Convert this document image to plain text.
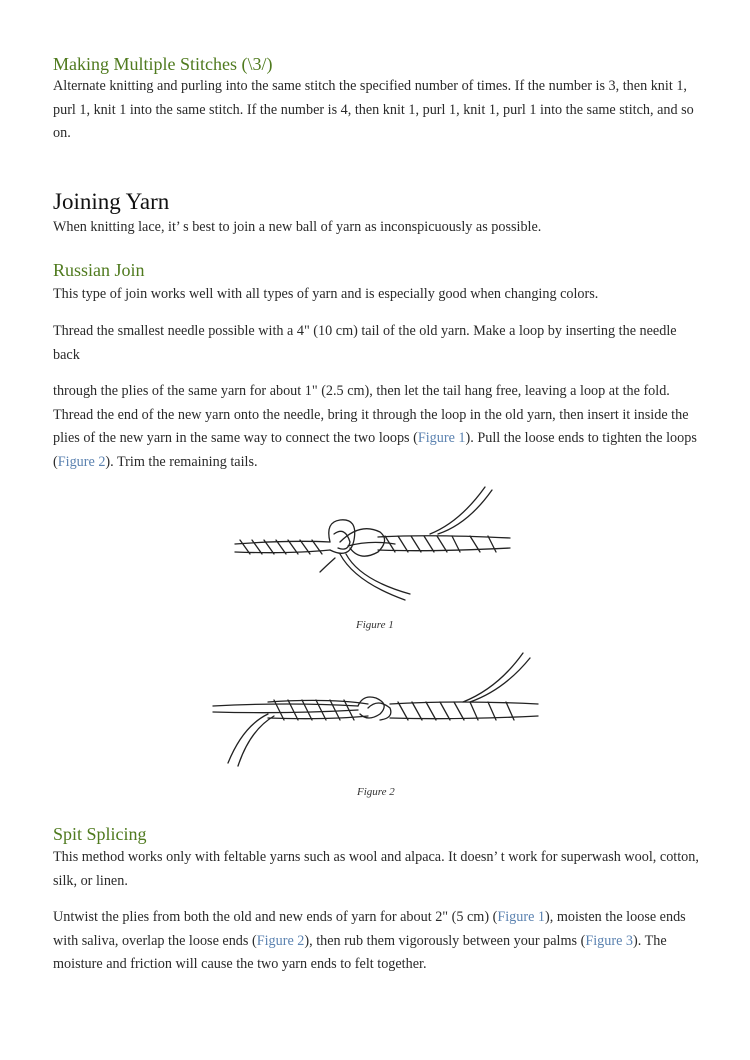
Making Multiple Stitches (\3/)

Alternate knitting and purling into the same stitch the specified number of times. If the number is 3, then knit 1, purl 1, knit 1 into the same stitch. If the number is 4, then knit 1, purl 1, knit 1, purl 1 into the same stitch, and so on.

Joining Yarn

When knitting lace, it’ s best to join a new ball of yarn as inconspicuously as possible.

Russian Join

This type of join works well with all types of yarn and is especially good when changing colors.

Thread the smallest needle possible with a 4" (10 cm) tail of the old yarn. Make a loop by inserting the needle back

through the plies of the same yarn for about 1" (2.5 cm), then let the tail hang free, leaving a loop at the fold. Thread the end of the new yarn onto the needle, bring it through the loop in the old yarn, then insert it inside the plies of the new yarn in the same way to connect the two loops (Figure 1). Pull the loose ends to tighten the loops (Figure 2). Trim the remaining tails.

Figure 1

Figure 2

Spit Splicing

This method works only with feltable yarns such as wool and alpaca. It doesn’ t work for superwash wool, cotton, silk, or linen.

Untwist the plies from both the old and new ends of yarn for about 2" (5 cm) (Figure 1), moisten the loose ends with saliva, overlap the loose ends (Figure 2), then rub them vigorously between your palms (Figure 3). The moisture and friction will cause the two yarn ends to felt together.
